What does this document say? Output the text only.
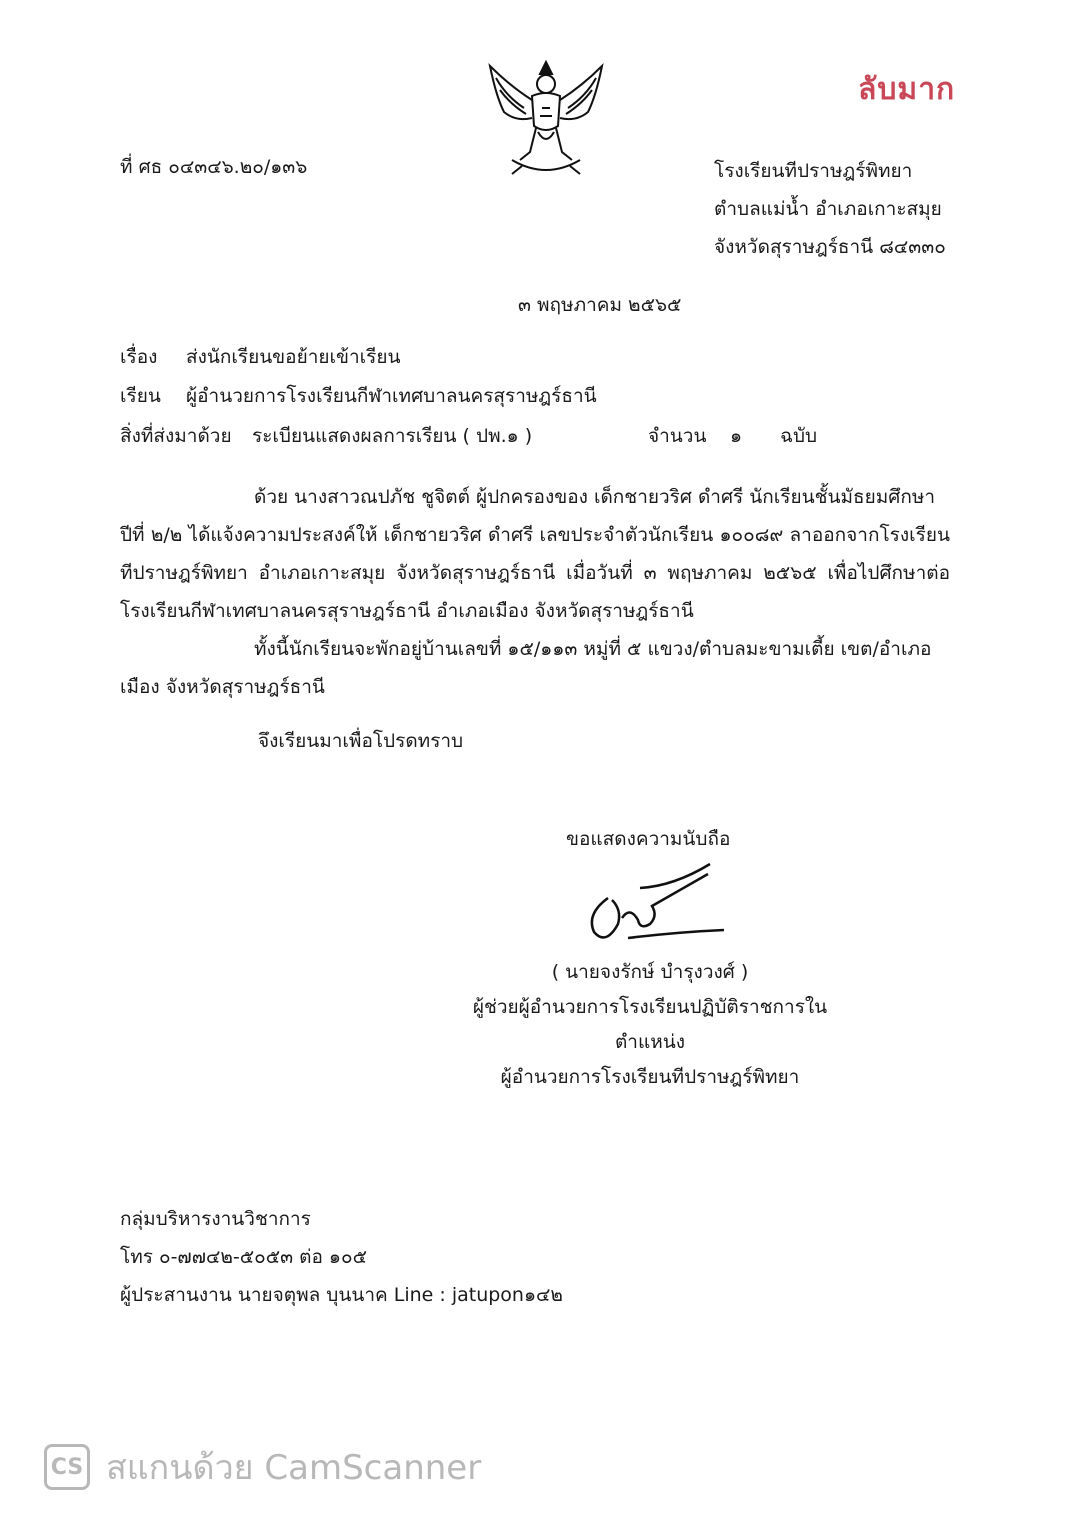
ลับมาก
ที่ ศธ ๐๔๓๔๖.๒๐/๑๓๖	โรงเรียนทีปราษฎร์พิทยา
ตำบลแม่น้ำ อำเภอเกาะสมุย
จังหวัดสุราษฎร์ธานี ๘๔๓๓๐
๓ พฤษภาคม ๒๕๖๕
เรื่อง ส่งนักเรียนขอย้ายเข้าเรียน
เรียน ผู้อำนวยการโรงเรียนกีฬาเทศบาลนครสุราษฎร์ธานี
สิ่งที่ส่งมาด้วย ระเบียนแสดงผลการเรียน ( ปพ.๑ )	จำนวน ๑ ฉบับ
ด้วย นางสาวณปภัช ชูจิตต์ ผู้ปกครองของ เด็กชายวริศ ดำศรี นักเรียนชั้นมัธยมศึกษา
ปีที่ ๒/๒ ได้แจ้งความประสงค์ให้ เด็กชายวริศ ดำศรี เลขประจำตัวนักเรียน ๑๐๐๘๙ ลาออกจากโรงเรียนทีปราษฎร์พิทยา อำเภอเกาะสมุย จังหวัดสุราษฎร์ธานี เมื่อวันที่ ๓ พฤษภาคม ๒๕๖๕ เพื่อไปศึกษาต่อโรงเรียนกีฬาเทศบาลนครสุราษฎร์ธานี อำเภอเมือง จังหวัดสุราษฎร์ธานี
ทั้งนี้นักเรียนจะพักอยู่บ้านเลขที่ ๑๕/๑๑๓ หมู่ที่ ๕ แขวง/ตำบลมะขามเตี้ย เขต/อำเภอ
เมือง จังหวัดสุราษฎร์ธานี
จึงเรียนมาเพื่อโปรดทราบ
ขอแสดงความนับถือ
( นายจงรักษ์ บำรุงวงศ์ )
ผู้ช่วยผู้อำนวยการโรงเรียนปฏิบัติราชการในตำแหน่ง
ผู้อำนวยการโรงเรียนทีปราษฎร์พิทยา
กลุ่มบริหารงานวิชาการ
โทร ๐-๗๗๔๒-๕๐๕๓ ต่อ ๑๐๕
ผู้ประสานงาน นายจตุพล บุนนาค Line : jatupon๑๔๒
CS สแกนด้วย CamScanner
